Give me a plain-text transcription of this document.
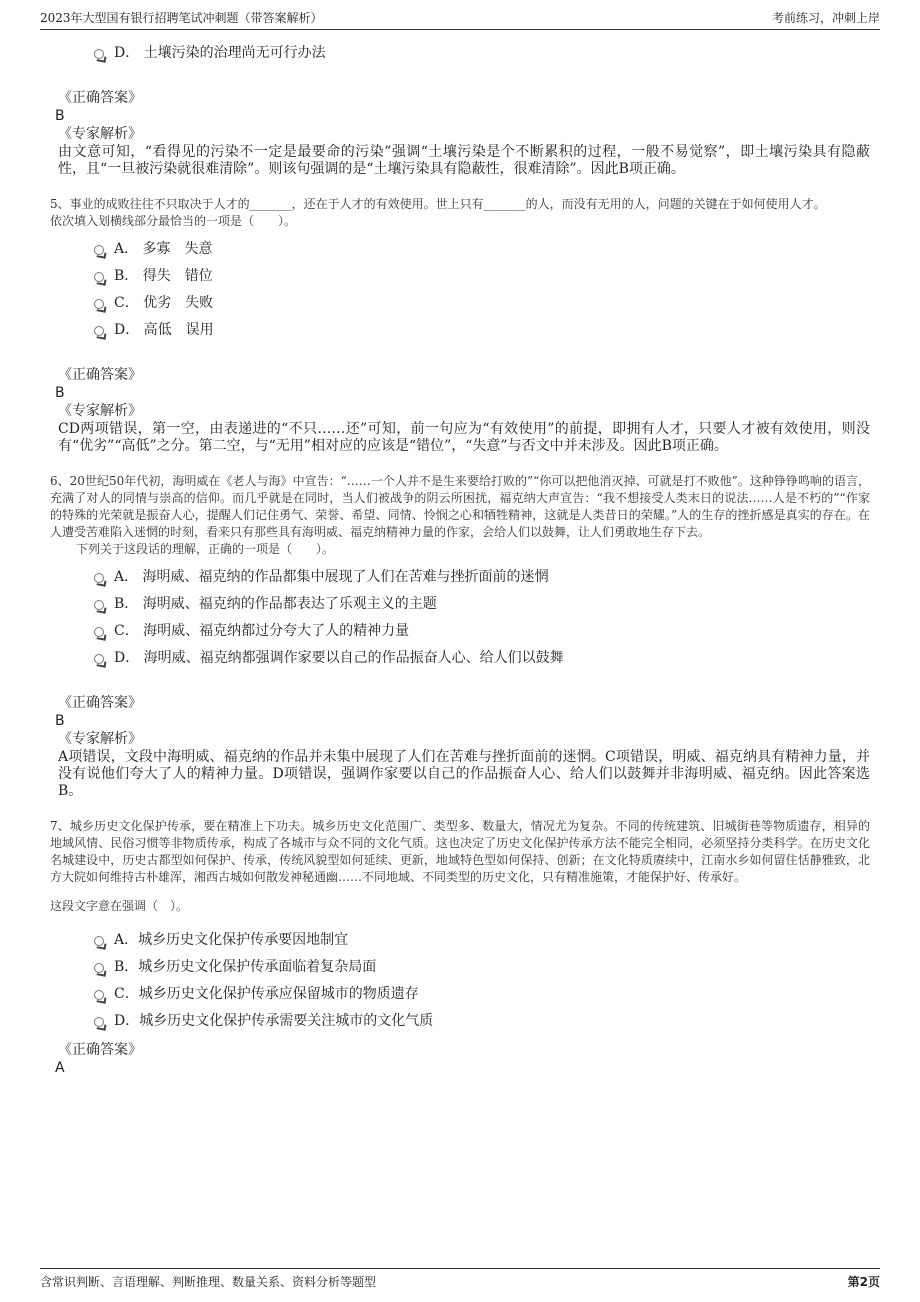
2023年大型国有银行招聘笔试冲刺题（带答案解析）	考前练习，冲刺上岸
D． 土壤污染的治理尚无可行办法
《正确答案》
B
《专家解析》
由文意可知，“看得见的污染不一定是最要命的污染”强调“土壤污染是个不断累积的过程，一般不易觉察”，即土壤污染具有隐蔽性，且“一旦被污染就很难清除”。则该句强调的是“土壤污染具有隐蔽性，很难清除”。因此B项正确。
5、事业的成败往往不只取决于人才的_______，还在于人才的有效使用。世上只有_______的人，而没有无用的人，问题的关键在于如何使用人才。
依次填入划横线部分最恰当的一项是（　　）。
A． 多寡　失意
B． 得失　错位
C． 优劣　失败
D． 高低　误用
《正确答案》
B
《专家解析》
CD两项错误，第一空，由表递进的“不只……还”可知，前一句应为“有效使用”的前提，即拥有人才，只要人才被有效使用，则没有“优劣”“高低”之分。第二空，与“无用”相对应的应该是“错位”，“失意”与否文中并未涉及。因此B项正确。
6、20世纪50年代初，海明威在《老人与海》中宣告：“……一个人并不是生来要给打败的”“你可以把他消灭掉、可就是打不败他”。这种铮铮鸣响的语言，充满了对人的同情与崇高的信仰。而几乎就是在同时，当人们被战争的阴云所困扰，福克纳大声宣告：“我不想接受人类末日的说法……人是不朽的”“作家的特殊的光荣就是振奋人心，提醒人们记住勇气、荣誉、希望、同情、怜悯之心和牺牲精神，这就是人类昔日的荣耀。”人的生存的挫折感是真实的存在。在人遭受苦难陷入迷惘的时刻，看来只有那些具有海明威、福克纳精神力量的作家，会给人们以鼓舞，让人们勇敢地生存下去。
下列关于这段话的理解，正确的一项是（　　）。
A． 海明威、福克纳的作品都集中展现了人们在苦难与挫折面前的迷惘
B． 海明威、福克纳的作品都表达了乐观主义的主题
C． 海明威、福克纳都过分夸大了人的精神力量
D． 海明威、福克纳都强调作家要以自己的作品振奋人心、给人们以鼓舞
《正确答案》
B
《专家解析》
A项错误，文段中海明威、福克纳的作品并未集中展现了人们在苦难与挫折面前的迷惘。C项错误，明威、福克纳具有精神力量，并没有说他们夸大了人的精神力量。D项错误，强调作家要以自己的作品振奋人心、给人们以鼓舞并非海明威、福克纳。因此答案选B。
7、城乡历史文化保护传承，要在精准上下功夫。城乡历史文化范围广、类型多、数量大，情况尤为复杂。不同的传统建筑、旧城街巷等物质遗存，相异的地域风情、民俗习惯等非物质传承，构成了各城市与众不同的文化气质。这也决定了历史文化保护传承方法不能完全相同，必须坚持分类科学。在历史文化名城建设中，历史古都型如何保护、传承，传统风貌型如何延续、更新，地域特色型如何保持、创新；在文化特质赓续中，江南水乡如何留住恬静雅致，北方大院如何维持古朴雄浑，湘西古城如何散发神秘通幽……不同地域、不同类型的历史文化，只有精准施策，才能保护好、传承好。
这段文字意在强调（　）。
A．城乡历史文化保护传承要因地制宜
B．城乡历史文化保护传承面临着复杂局面
C．城乡历史文化保护传承应保留城市的物质遗存
D．城乡历史文化保护传承需要关注城市的文化气质
《正确答案》
A
含常识判断、言语理解、判断推理、数量关系、资料分析等题型	第2页
